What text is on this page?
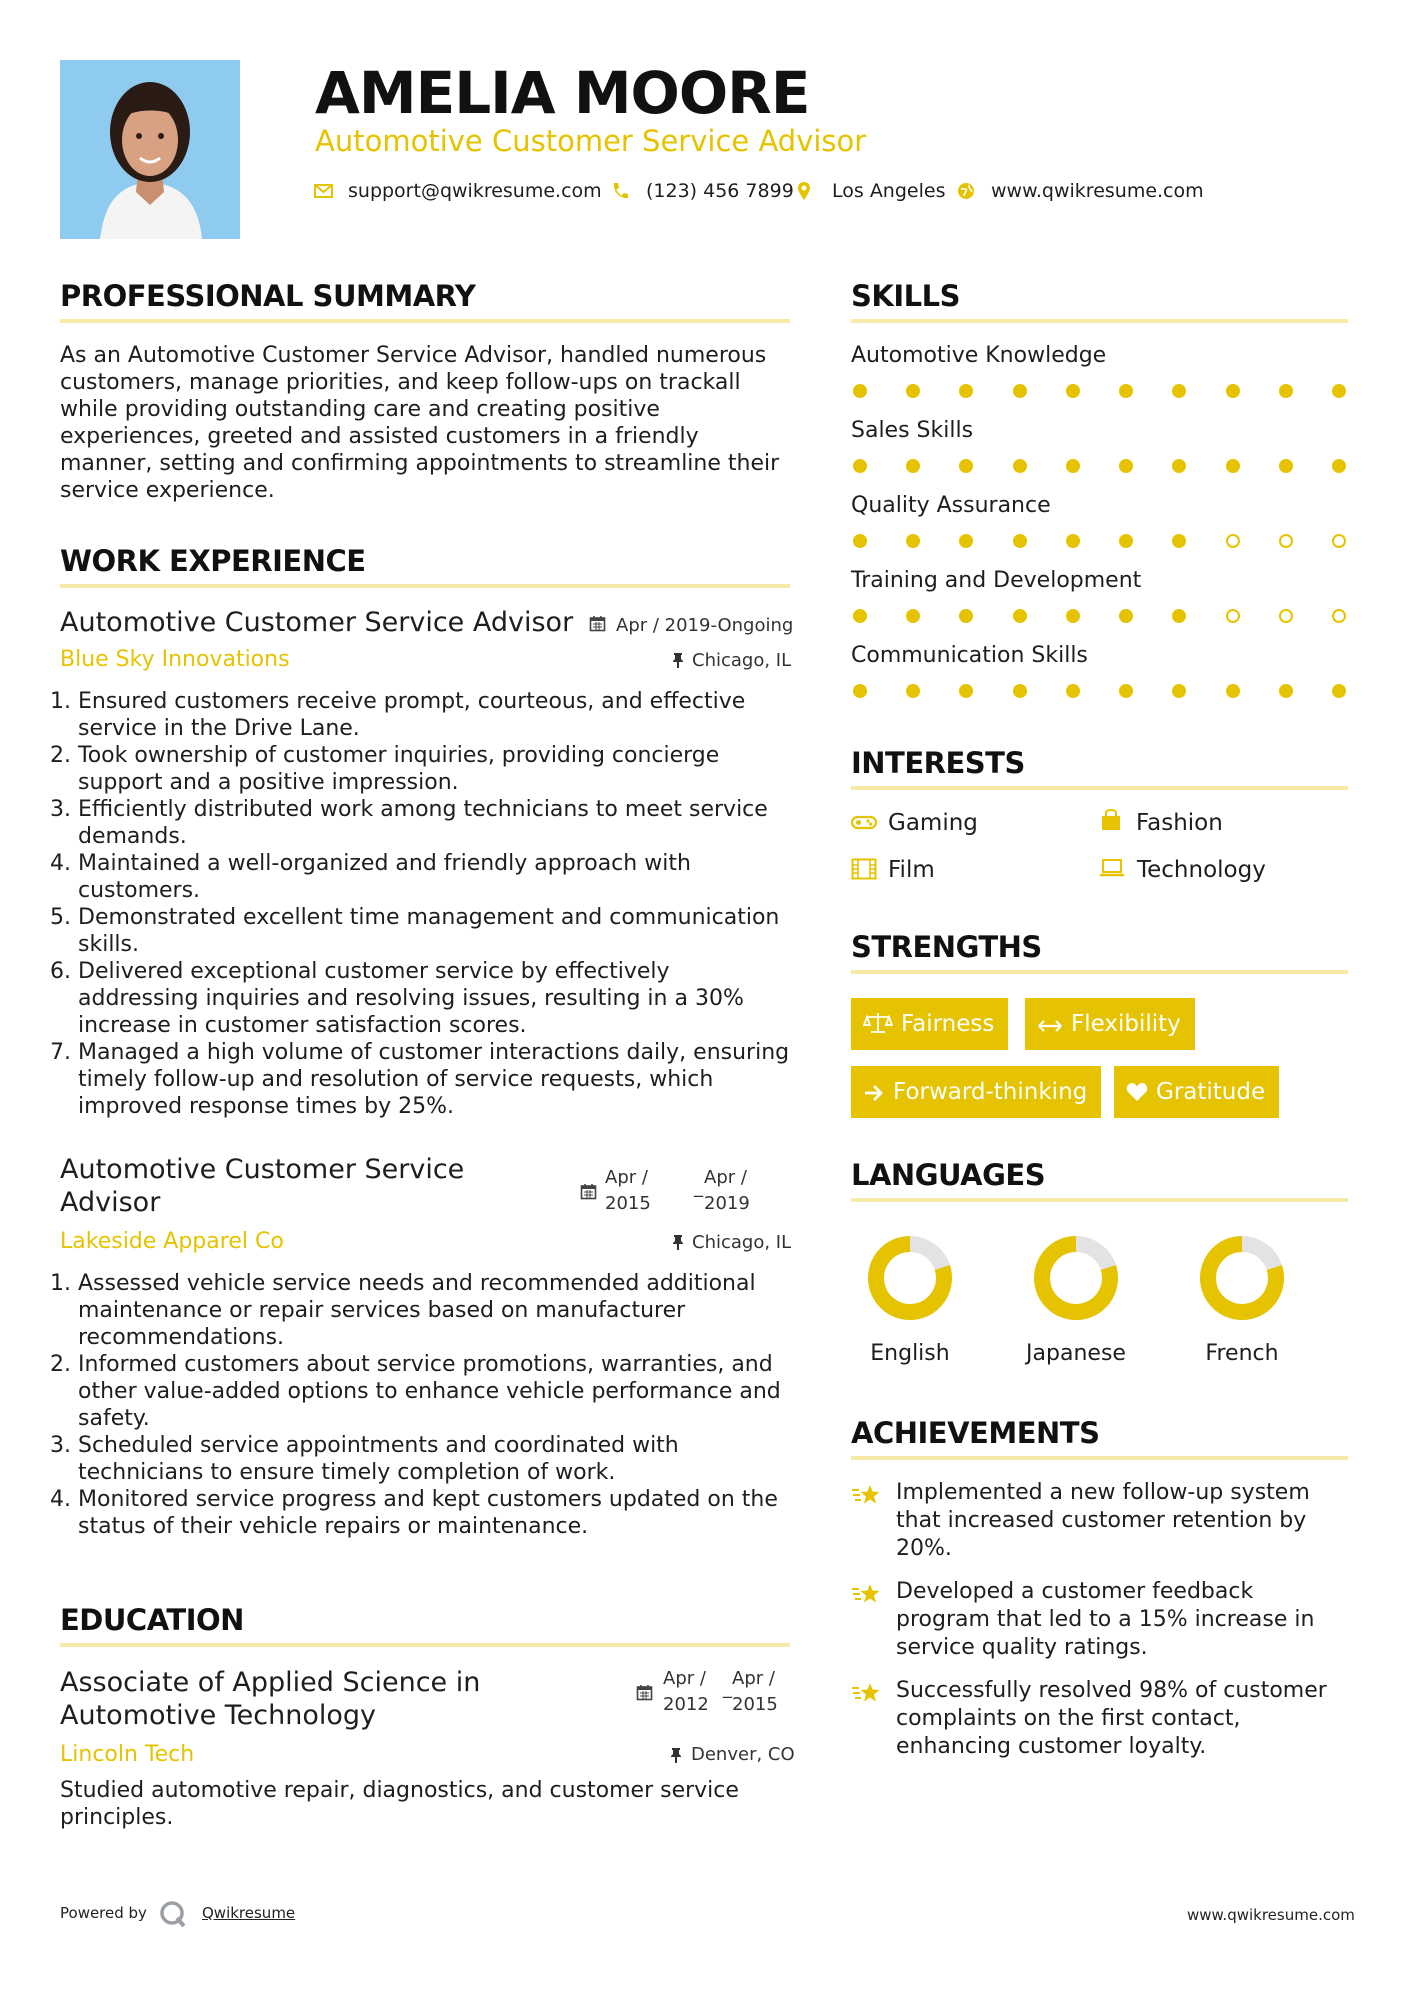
AMELIA MOORE
Automotive Customer Service Advisor
support@qwikresume.com (123) 456 7899 Los Angeles www.qwikresume.com
PROFESSIONAL SUMMARY
As an Automotive Customer Service Advisor, handled numerous customers, manage priorities, and keep follow-ups on trackall while providing outstanding care and creating positive experiences, greeted and assisted customers in a friendly manner, setting and confirming appointments to streamline their service experience.
WORK EXPERIENCE
Automotive Customer Service Advisor Apr / 2019-Ongoing
Blue Sky Innovations	Chicago, IL
1. Ensured customers receive prompt, courteous, and effective service in the Drive Lane.
2. Took ownership of customer inquiries, providing concierge support and a positive impression.
3. Efficiently distributed work among technicians to meet service demands.
4. Maintained a well-organized and friendly approach with customers.
5. Demonstrated excellent time management and communication skills.
6. Delivered exceptional customer service by effectively addressing inquiries and resolving issues, resulting in a 30% increase in customer satisfaction scores.
7. Managed a high volume of customer interactions daily, ensuring timely follow-up and resolution of service requests, which improved response times by 25%.
Automotive Customer Service
Advisor
Apr /
2015
_ Apr /
2019
Lakeside Apparel Co	Chicago, IL
1. Assessed vehicle service needs and recommended additional maintenance or repair services based on manufacturer recommendations.
2. Informed customers about service promotions, warranties, and other value-added options to enhance vehicle performance and safety.
3. Scheduled service appointments and coordinated with technicians to ensure timely completion of work.
4. Monitored service progress and kept customers updated on the status of their vehicle repairs or maintenance.
EDUCATION
Associate of Applied Science in
Automotive Technology
Apr /
2012
_ Apr /
2015
Lincoln Tech	Denver, CO
Studied automotive repair, diagnostics, and customer service principles.
SKILLS
Automotive Knowledge
Sales Skills
Quality Assurance
Training and Development
Communication Skills
INTERESTS
Gaming	Fashion
Film	Technology
STRENGTHS
Fairness	Flexibility
Forward-thinking	Gratitude
LANGUAGES
English	Japanese	French
ACHIEVEMENTS
Implemented a new follow-up system that increased customer retention by 20%.
Developed a customer feedback program that led to a 15% increase in service quality ratings.
Successfully resolved 98% of customer complaints on the first contact, enhancing customer loyalty.
Powered by	Qwikresume	www.qwikresume.com
